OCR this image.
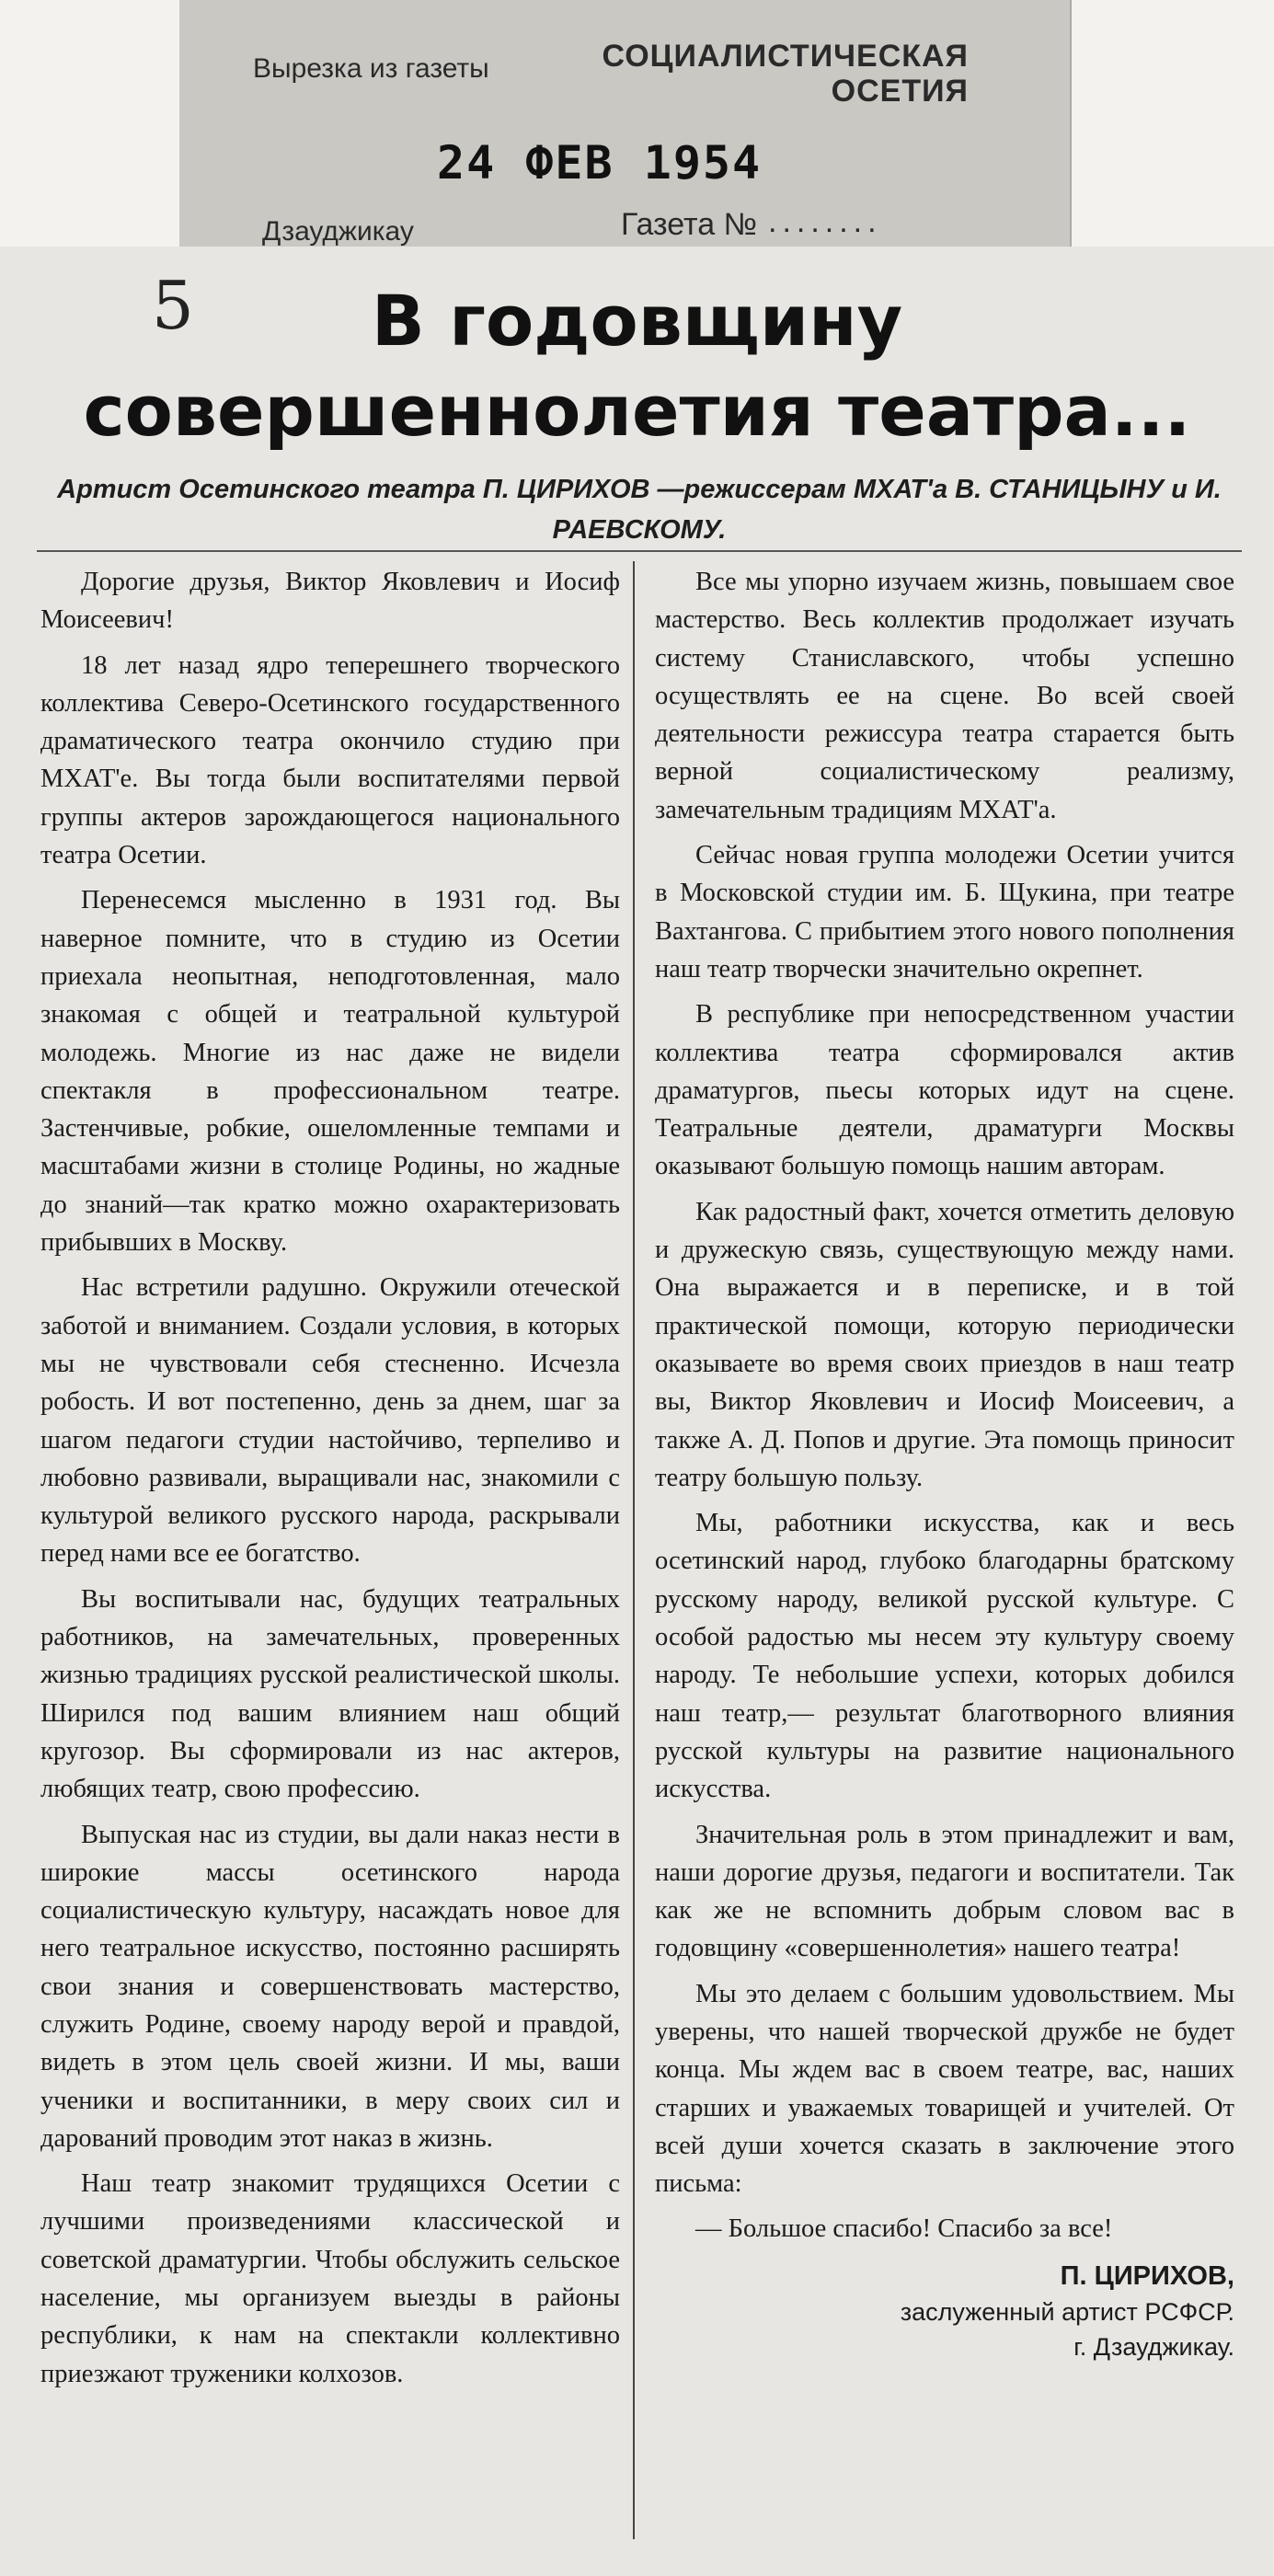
Вырезка из газеты	СОЦИАЛИСТИЧЕСКАЯ ОСЕТИЯ
24 ФЕВ 1954
Дзауджикау	Газета № ........
5	В годовщину совершеннолетия театра...
Артист Осетинского театра П. ЦИРИХОВ —режиссерам МХАТ'а В. СТАНИЦЫНУ и И. РАЕВСКОМУ.

Дорогие друзья, Виктор Яковлевич и Иосиф Моисеевич!

18 лет назад ядро теперешнего творческого коллектива Северо-Осетинского государственного драматического театра окончило студию при МХАТ'е. Вы тогда были воспитателями первой группы актеров зарождающегося национального театра Осетии.

Перенесемся мысленно в 1931 год. Вы наверное помните, что в студию из Осетии приехала неопытная, неподготовленная, мало знакомая с общей и театральной культурой молодежь. Многие из нас даже не видели спектакля в профессиональном театре. Застенчивые, робкие, ошеломленные темпами и масштабами жизни в столице Родины, но жадные до знаний—так кратко можно охарактеризовать прибывших в Москву.

Нас встретили радушно. Окружили отеческой заботой и вниманием. Создали условия, в которых мы не чувствовали себя стесненно. Исчезла робость. И вот постепенно, день за днем, шаг за шагом педагоги студии настойчиво, терпеливо и любовно развивали, выращивали нас, знакомили с культурой великого русского народа, раскрывали перед нами все ее богатство.

Вы воспитывали нас, будущих театральных работников, на замечательных, проверенных жизнью традициях русской реалистической школы. Ширился под вашим влиянием наш общий кругозор. Вы сформировали из нас актеров, любящих театр, свою профессию.

Выпуская нас из студии, вы дали наказ нести в широкие массы осетинского народа социалистическую культуру, насаждать новое для него театральное искусство, постоянно расширять свои знания и совершенствовать мастерство, служить Родине, своему народу верой и правдой, видеть в этом цель своей жизни. И мы, ваши ученики и воспитанники, в меру своих сил и дарований проводим этот наказ в жизнь.

Наш театр знакомит трудящихся Осетии с лучшими произведениями классической и советской драматургии. Чтобы обслужить сельское население, мы организуем выезды в районы республики, к нам на спектакли коллективно приезжают труженики колхозов.

Все мы упорно изучаем жизнь, повышаем свое мастерство. Весь коллектив продолжает изучать систему Станиславского, чтобы успешно осуществлять ее на сцене. Во всей своей деятельности режиссура театра старается быть верной социалистическому реализму, замечательным традициям МХАТ'а.

Сейчас новая группа молодежи Осетии учится в Московской студии им. Б. Щукина, при театре Вахтангова. С прибытием этого нового пополнения наш театр творчески значительно окрепнет.

В республике при непосредственном участии коллектива театра сформировался актив драматургов, пьесы которых идут на сцене. Театральные деятели, драматурги Москвы оказывают большую помощь нашим авторам.

Как радостный факт, хочется отметить деловую и дружескую связь, существующую между нами. Она выражается и в переписке, и в той практической помощи, которую периодически оказываете во время своих приездов в наш театр вы, Виктор Яковлевич и Иосиф Моисеевич, а также А. Д. Попов и другие. Эта помощь приносит театру большую пользу.

Мы, работники искусства, как и весь осетинский народ, глубоко благодарны братскому русскому народу, великой русской культуре. С особой радостью мы несем эту культуру своему народу. Те небольшие успехи, которых добился наш театр,— результат благотворного влияния русской культуры на развитие национального искусства.

Значительная роль в этом принадлежит и вам, наши дорогие друзья, педагоги и воспитатели. Так как же не вспомнить добрым словом вас в годовщину «совершеннолетия» нашего театра!

Мы это делаем с большим удовольствием. Мы уверены, что нашей творческой дружбе не будет конца. Мы ждем вас в своем театре, вас, наших старших и уважаемых товарищей и учителей. От всей души хочется сказать в заключение этого письма:

— Большое спасибо! Спасибо за все!

П. ЦИРИХОВ,
заслуженный артист РСФСР.
г. Дзауджикау.
